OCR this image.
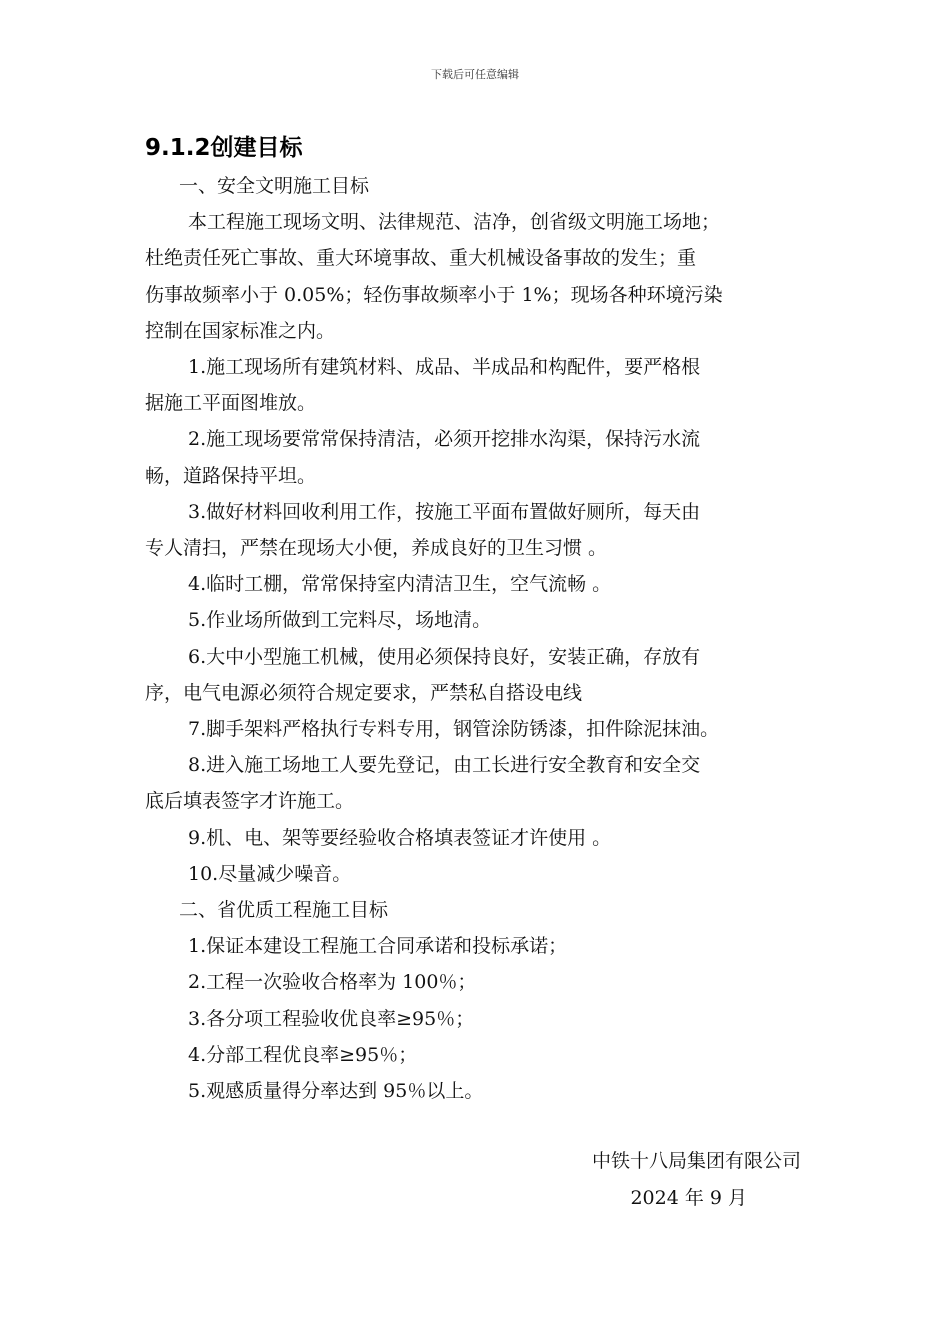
下载后可任意编辑
9.1.2创建目标

一、安全文明施工目标

本工程施工现场文明、法律规范、洁净，创省级文明施工场地；

杜绝责任死亡事故、重大环境事故、重大机械设备事故的发生；重

伤事故频率小于 0.05%；轻伤事故频率小于 1%；现场各种环境污染

控制在国家标准之内。

1.施工现场所有建筑材料、成品、半成品和构配件，要严格根

据施工平面图堆放。

2.施工现场要常常保持清洁，必须开挖排水沟渠，保持污水流

畅，道路保持平坦。

3.做好材料回收利用工作，按施工平面布置做好厕所，每天由

专人清扫，严禁在现场大小便，养成良好的卫生习惯 。

4.临时工棚，常常保持室内清洁卫生，空气流畅 。

5.作业场所做到工完料尽，场地清。

6.大中小型施工机械，使用必须保持良好，安装正确，存放有

序，电气电源必须符合规定要求，严禁私自搭设电线

7.脚手架料严格执行专料专用，钢管涂防锈漆，扣件除泥抹油。

8.进入施工场地工人要先登记，由工长进行安全教育和安全交

底后填表签字才许施工。

9.机、电、架等要经验收合格填表签证才许使用 。

10.尽量减少噪音。

二、省优质工程施工目标

1.保证本建设工程施工合同承诺和投标承诺；

2.工程一次验收合格率为 100％；

3.各分项工程验收优良率≥95％；

4.分部工程优良率≥95％；

5.观感质量得分率达到 95％以上。

中铁十八局集团有限公司
2024 年 9 月
